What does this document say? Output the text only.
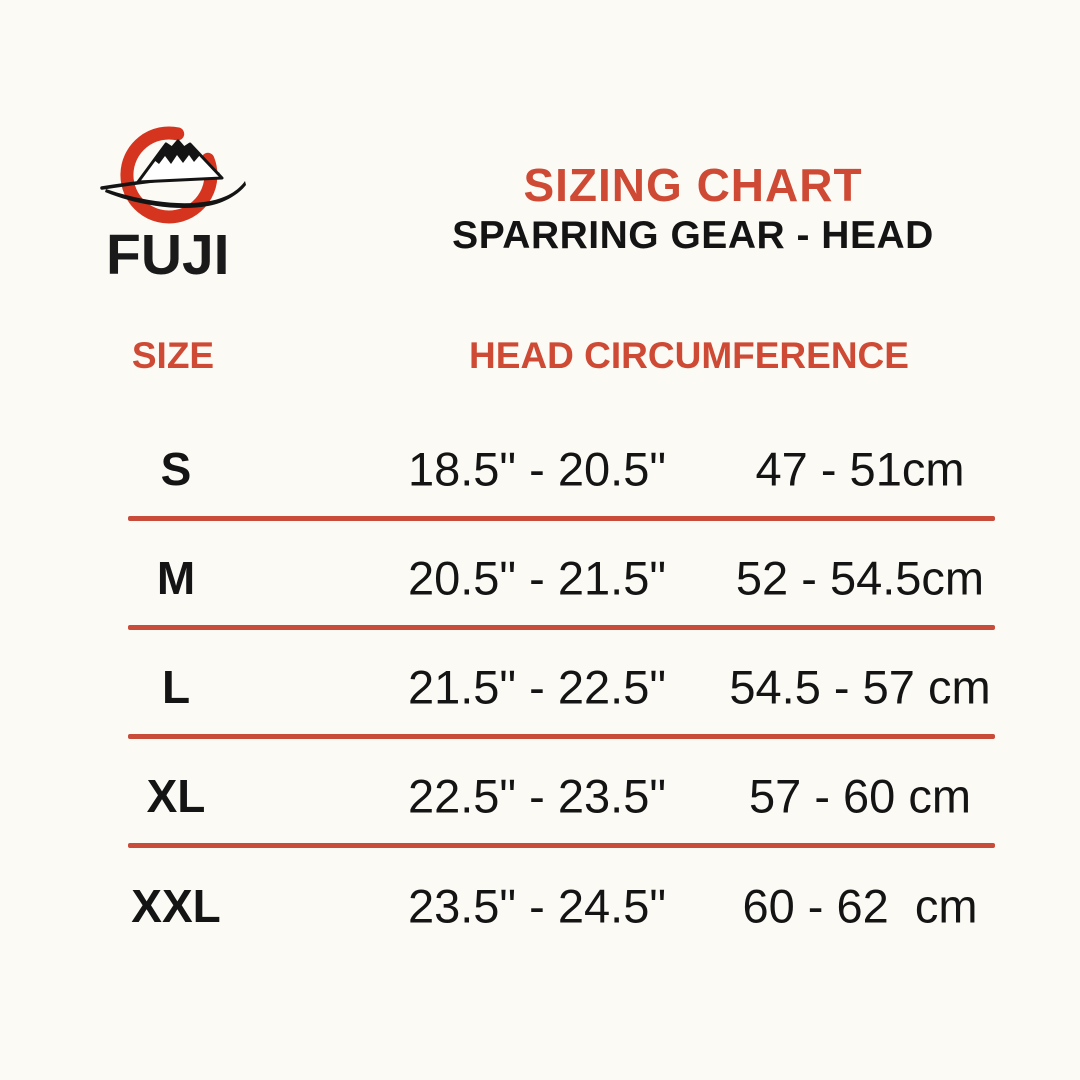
FUJI
SIZING CHART
SPARRING GEAR - HEAD
SIZE	HEAD CIRCUMFERENCE
S	18.5" - 20.5" 47 - 51cm
M	20.5" - 21.5" 52 - 54.5cm
L	21.5" - 22.5" 54.5 - 57 cm
XL	22.5" - 23.5" 57 - 60 cm
XXL	23.5" - 24.5" 60 - 62  cm
